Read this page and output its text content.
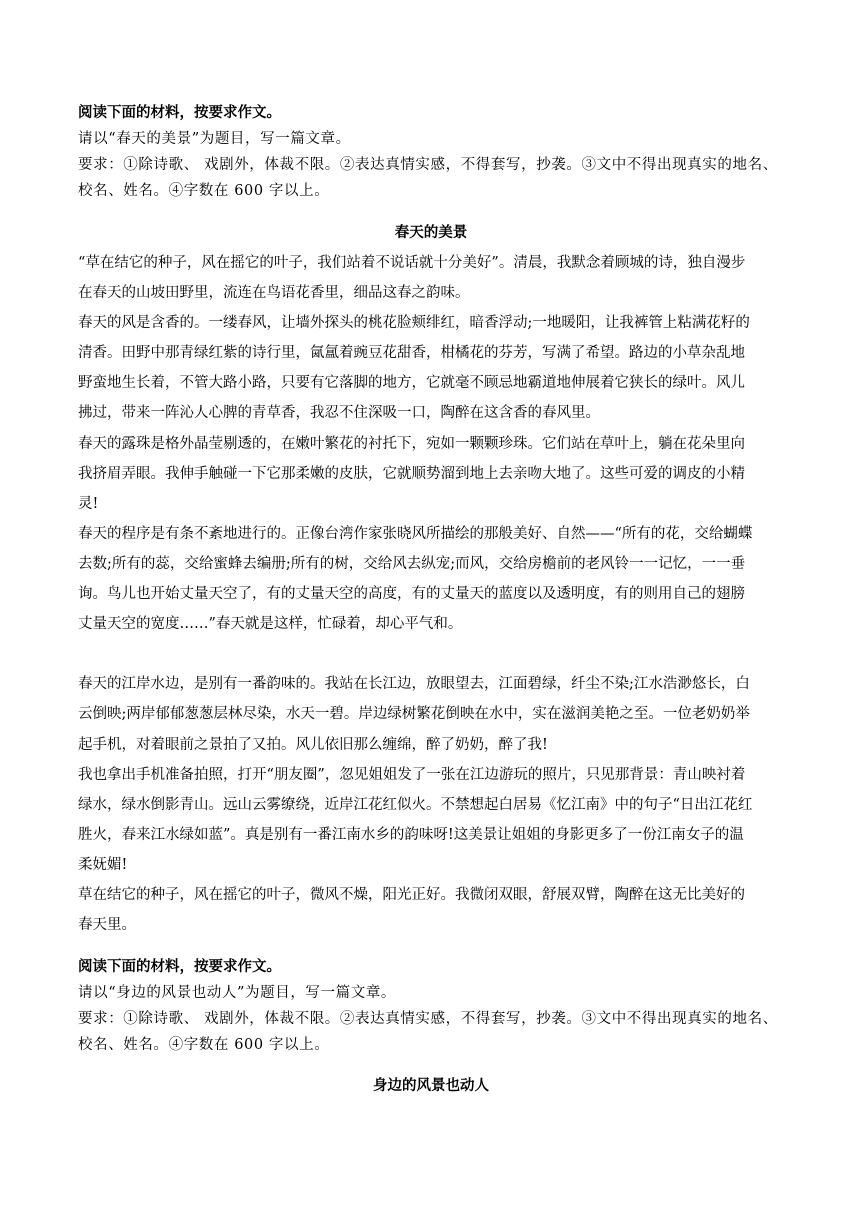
阅读下面的材料，按要求作文。

请以“春天的美景”为题目，写一篇文章。

要求：①除诗歌、 戏剧外，体裁不限。②表达真情实感，不得套写，抄袭。③文中不得出现真实的地名、

校名、姓名。④字数在 600 字以上。

春天的美景

“草在结它的种子，风在摇它的叶子，我们站着不说话就十分美好”。清晨，我默念着顾城的诗，独自漫步

在春天的山坡田野里，流连在鸟语花香里，细品这春之韵味。

春天的风是含香的。一缕春风，让墙外探头的桃花脸颊绯红，暗香浮动;一地暖阳，让我裤管上粘满花籽的

清香。田野中那青绿红紫的诗行里，氤氲着豌豆花甜香，柑橘花的芬芳，写满了希望。路边的小草杂乱地

野蛮地生长着，不管大路小路，只要有它落脚的地方，它就毫不顾忌地霸道地伸展着它狭长的绿叶。风儿

拂过，带来一阵沁人心脾的青草香，我忍不住深吸一口，陶醉在这含香的春风里。

春天的露珠是格外晶莹剔透的，在嫩叶繁花的衬托下，宛如一颗颗珍珠。它们站在草叶上，躺在花朵里向

我挤眉弄眼。我伸手触碰一下它那柔嫩的皮肤，它就顺势溜到地上去亲吻大地了。这些可爱的调皮的小精

灵!

春天的程序是有条不紊地进行的。正像台湾作家张晓风所描绘的那般美好、自然——“所有的花，交给蝴蝶

去数;所有的蕊，交给蜜蜂去编册;所有的树，交给风去纵宠;而风，交给房檐前的老风铃一一记忆，一一垂

询。鸟儿也开始丈量天空了，有的丈量天空的高度，有的丈量天的蓝度以及透明度，有的则用自己的翅膀

丈量天空的宽度……”春天就是这样，忙碌着，却心平气和。

春天的江岸水边，是别有一番韵味的。我站在长江边，放眼望去，江面碧绿，纤尘不染;江水浩渺悠长，白

云倒映;两岸郁郁葱葱层林尽染，水天一碧。岸边绿树繁花倒映在水中，实在滋润美艳之至。一位老奶奶举

起手机，对着眼前之景拍了又拍。风儿依旧那么缠绵，醉了奶奶，醉了我!

我也拿出手机准备拍照，打开“朋友圈”，忽见姐姐发了一张在江边游玩的照片，只见那背景：青山映衬着

绿水，绿水倒影青山。远山云雾缭绕，近岸江花红似火。不禁想起白居易《忆江南》中的句子“日出江花红

胜火，春来江水绿如蓝”。真是别有一番江南水乡的韵味呀!这美景让姐姐的身影更多了一份江南女子的温

柔妩媚!

草在结它的种子，风在摇它的叶子，微风不燥，阳光正好。我微闭双眼，舒展双臂，陶醉在这无比美好的

春天里。

阅读下面的材料，按要求作文。

请以“身边的风景也动人”为题目，写一篇文章。

要求：①除诗歌、 戏剧外，体裁不限。②表达真情实感，不得套写，抄袭。③文中不得出现真实的地名、

校名、姓名。④字数在 600 字以上。

身边的风景也动人
